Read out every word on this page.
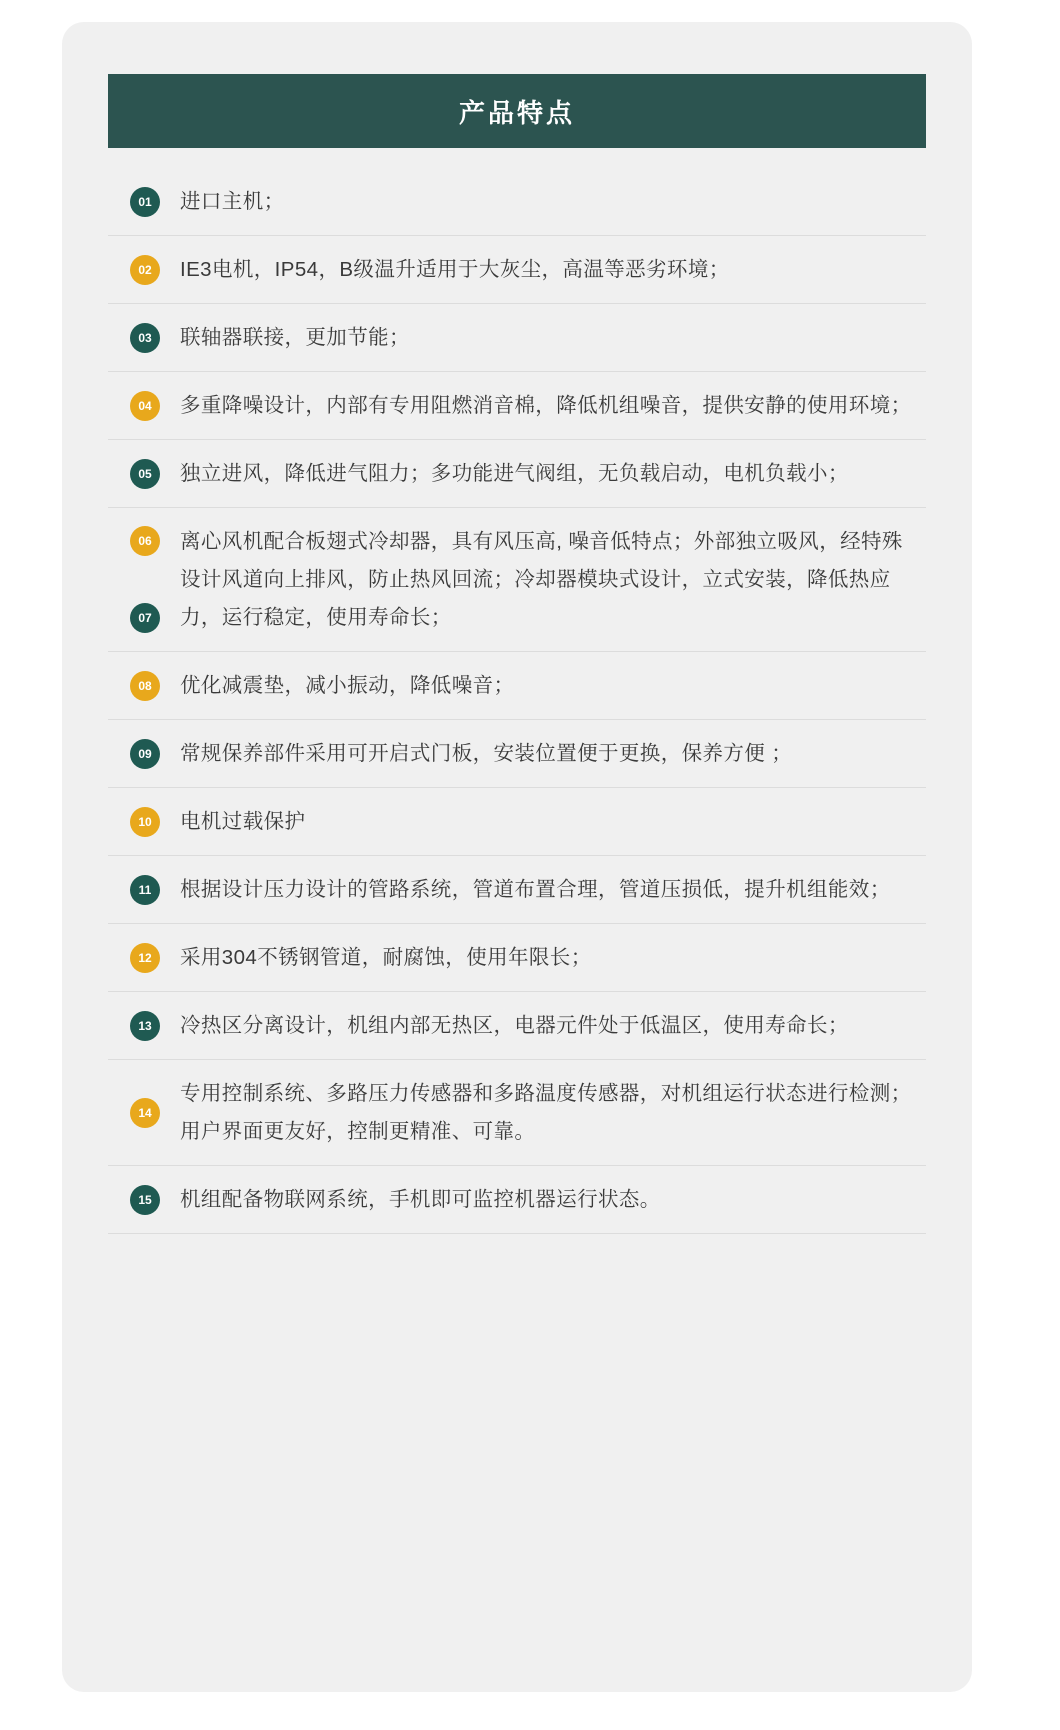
产品特点
01	进口主机；
02	IE3电机，IP54，B级温升适用于大灰尘，高温等恶劣环境；
03	联轴器联接，更加节能；
04	多重降噪设计，内部有专用阻燃消音棉，降低机组噪音，提供安静的使用环境；
05	独立进风，降低进气阻力；多功能进气阀组，无负载启动，电机负载小；
06
07
离心风机配合板翅式冷却器，具有风压高, 噪音低特点；外部独立吸风，经特殊设计风道向上排风，防止热风回流；冷却器模块式设计，立式安装，降低热应力，运行稳定，使用寿命长；
08	优化减震垫，减小振动，降低噪音；
09	常规保养部件采用可开启式门板，安装位置便于更换，保养方便 ；
10	电机过载保护
11	根据设计压力设计的管路系统，管道布置合理，管道压损低，提升机组能效；
12	采用304不锈钢管道，耐腐蚀，使用年限长；
13	冷热区分离设计，机组内部无热区，电器元件处于低温区，使用寿命长；
14
专用控制系统、多路压力传感器和多路温度传感器，对机组运行状态进行检测；用户界面更友好，控制更精准、可靠。
15	机组配备物联网系统，手机即可监控机器运行状态。
